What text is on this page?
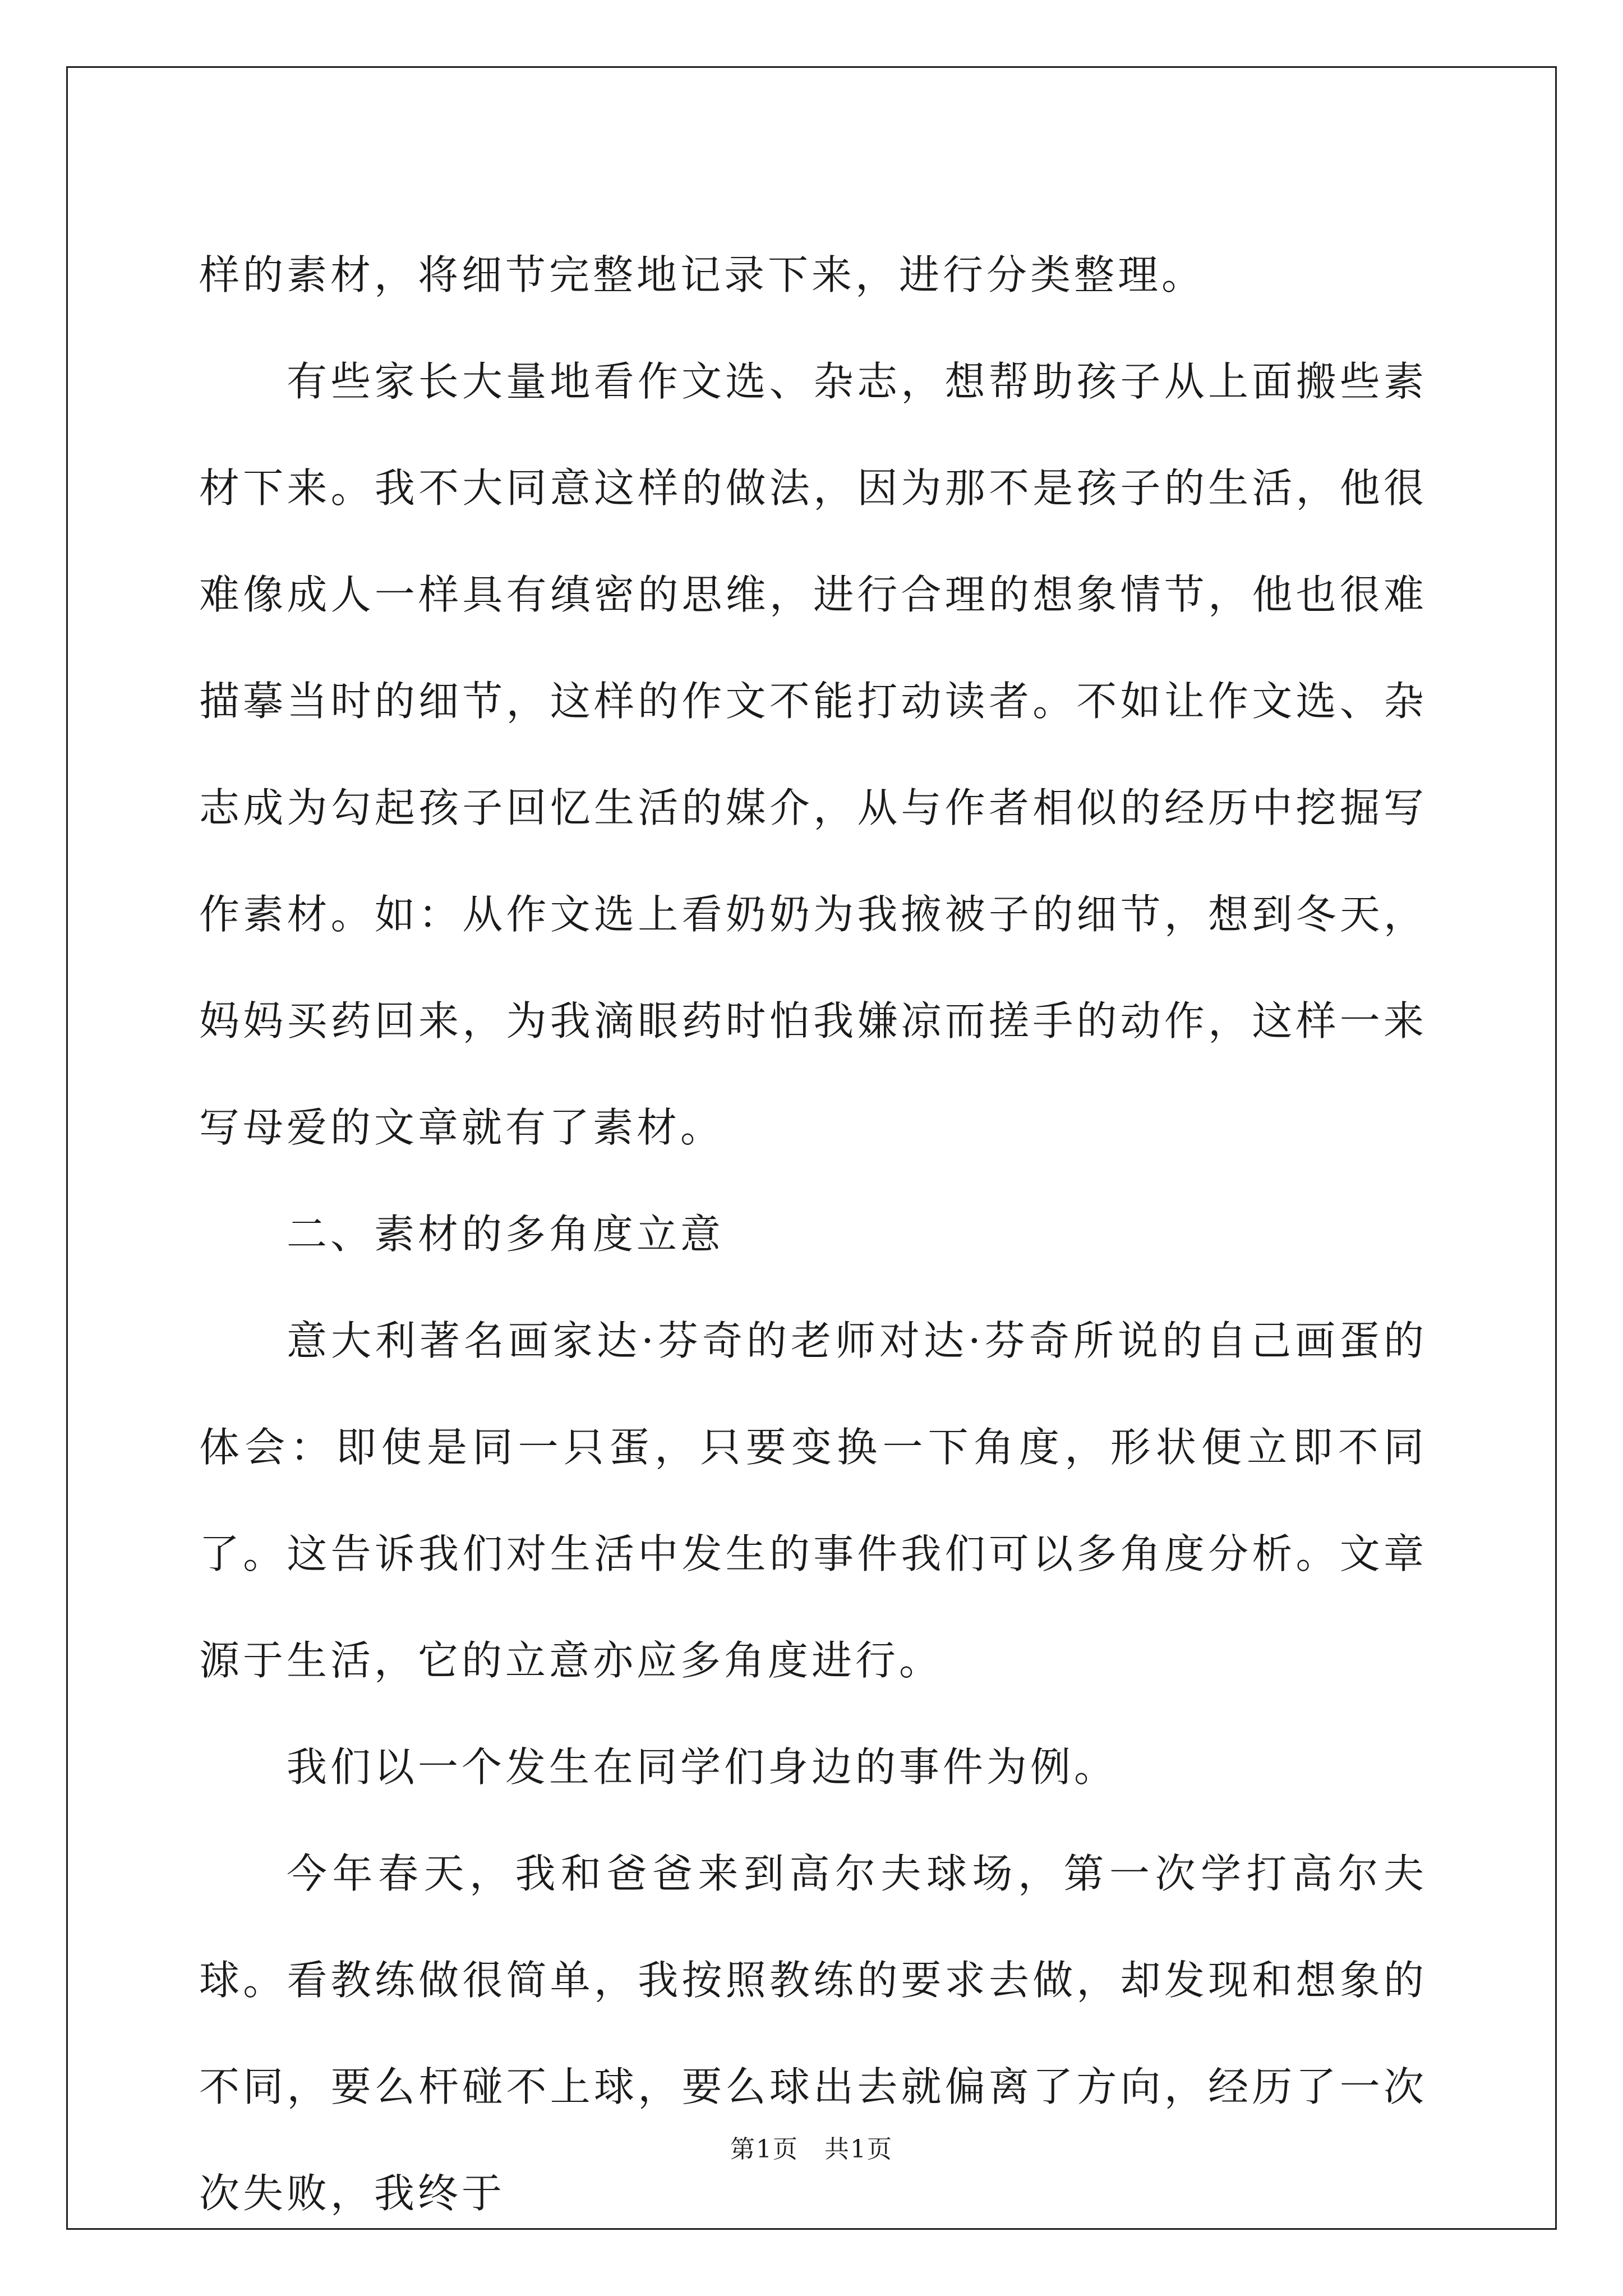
样的素材，将细节完整地记录下来，进行分类整理。

有些家长大量地看作文选、杂志，想帮助孩子从上面搬些素材下来。我不大同意这样的做法，因为那不是孩子的生活，他很难像成人一样具有缜密的思维，进行合理的想象情节，他也很难描摹当时的细节，这样的作文不能打动读者。不如让作文选、杂志成为勾起孩子回忆生活的媒介，从与作者相似的经历中挖掘写作素材。如：从作文选上看奶奶为我掖被子的细节，想到冬天，妈妈买药回来，为我滴眼药时怕我嫌凉而搓手的动作，这样一来写母爱的文章就有了素材。

二、素材的多角度立意

意大利著名画家达·芬奇的老师对达·芬奇所说的自己画蛋的体会：即使是同一只蛋，只要变换一下角度，形状便立即不同了。这告诉我们对生活中发生的事件我们可以多角度分析。文章源于生活，它的立意亦应多角度进行。

我们以一个发生在同学们身边的事件为例。

今年春天，我和爸爸来到高尔夫球场，第一次学打高尔夫球。看教练做很简单，我按照教练的要求去做，却发现和想象的不同，要么杆碰不上球，要么球出去就偏离了方向，经历了一次次失败，我终于

第1页 共1页
